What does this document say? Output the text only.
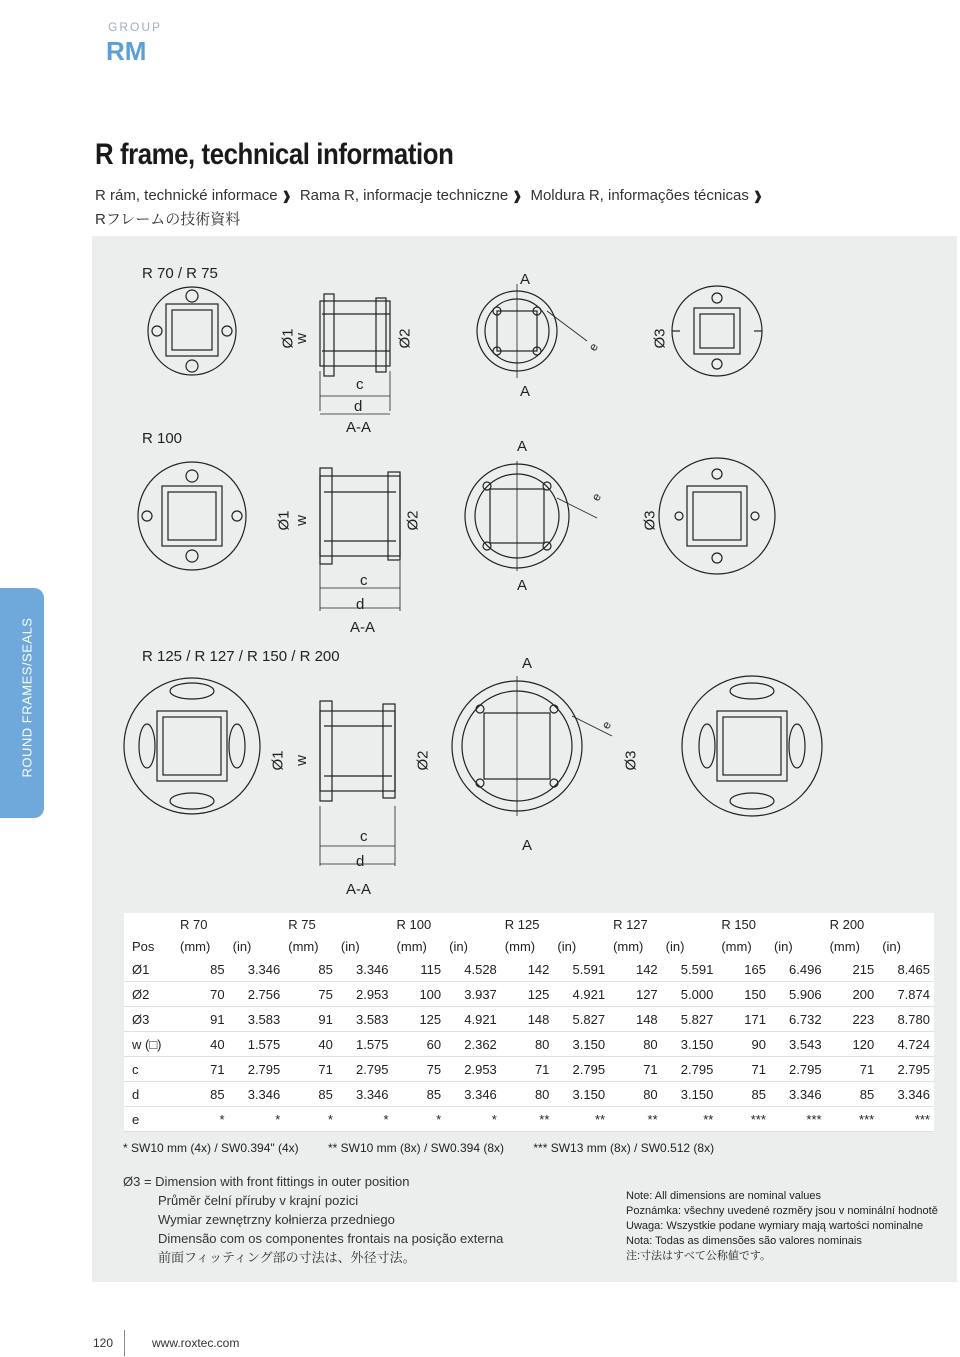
GROUP
RM
R frame, technical information
R rám, technické informace ❱ Rama R, informacje techniczne ❱ Moldura R, informações técnicas ❱
Rフレームの技術資料
ROUND FRAMES/SEALS
R 70 / R 75
R 100
R 125 / R 127 / R 150 / R 200
Ø1
w	Ø2
c
d
A-A
A
A
e	Ø3
Ø1 w	Ø2
c
d
A-A
A
A
e
Ø3
Ø1 w	Ø2
c
d
A-A
A
A
e
Ø3
	R 70		R 75		R 100		R 125		R 127		R 150		R 200	
Pos	(mm)	(in)	(mm)	(in)	(mm)	(in)	(mm)	(in)	(mm)	(in)	(mm)	(in)	(mm)	(in)
Ø1	85	3.346	85	3.346	115	4.528	142	5.591	142	5.591	165	6.496	215	8.465
Ø2	70	2.756	75	2.953	100	3.937	125	4.921	127	5.000	150	5.906	200	7.874
Ø3	91	3.583	91	3.583	125	4.921	148	5.827	148	5.827	171	6.732	223	8.780
w (□)	40	1.575	40	1.575	60	2.362	80	3.150	80	3.150	90	3.543	120	4.724
c	71	2.795	71	2.795	75	2.953	71	2.795	71	2.795	71	2.795	71	2.795
d	85	3.346	85	3.346	85	3.346	80	3.150	80	3.150	85	3.346	85	3.346
e	*	*	*	*	*	*	**	**	**	**	***	***	***	***
* SW10 mm (4x) / SW0.394" (4x) ** SW10 mm (8x) / SW0.394 (8x) *** SW13 mm (8x) / SW0.512 (8x)
Ø3 = Dimension with front fittings in outer position
Průměr čelní příruby v krajní pozici
Wymiar zewnętrzny kołnierza przedniego
Dimensão com os componentes frontais na posição externa
前面フィッティング部の寸法は、外径寸法。
Note: All dimensions are nominal values
Poznámka: všechny uvedené rozměry jsou v nominální hodnotě
Uwaga: Wszystkie podane wymiary mają wartości nominalne
Nota: Todas as dimensões são valores nominais
注:寸法はすべて公称値です。
120	www.roxtec.com
